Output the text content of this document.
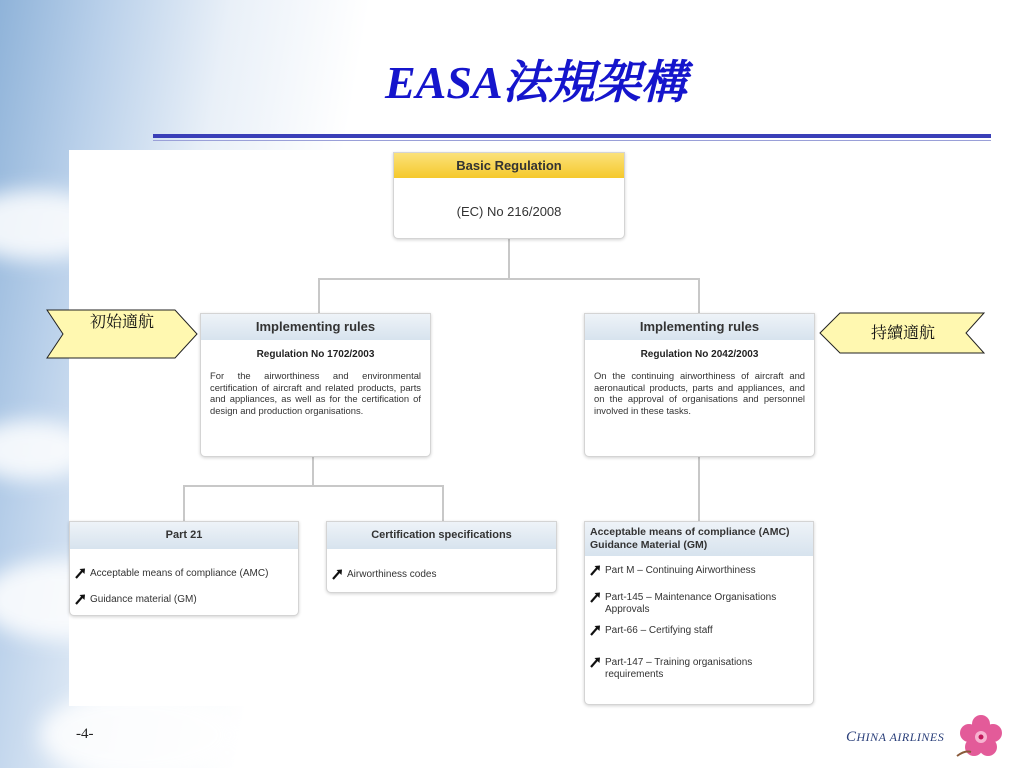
EASA法規架構
Basic Regulation
(EC) No 216/2008
Implementing rules
Regulation No 1702/2003
For the airworthiness and environmental certification of aircraft and related products, parts and appliances, as well as for the certification of design and production organisations.
Implementing rules
Regulation No 2042/2003
On the continuing airworthiness of aircraft and aeronautical products, parts and appliances, and on the approval of organisations and personnel involved in these tasks.
Part 21
Acceptable means of compliance (AMC)
Guidance material (GM)
Certification specifications
Airworthiness codes
Acceptable means of compliance (AMC)
Guidance Material (GM)
Part M – Continuing Airworthiness
Part-145 – Maintenance Organisations Approvals
Part-66 – Certifying staff
Part-147 – Training organisations requirements
初始適航
持續適航
-4-	CHINA AIRLINES
